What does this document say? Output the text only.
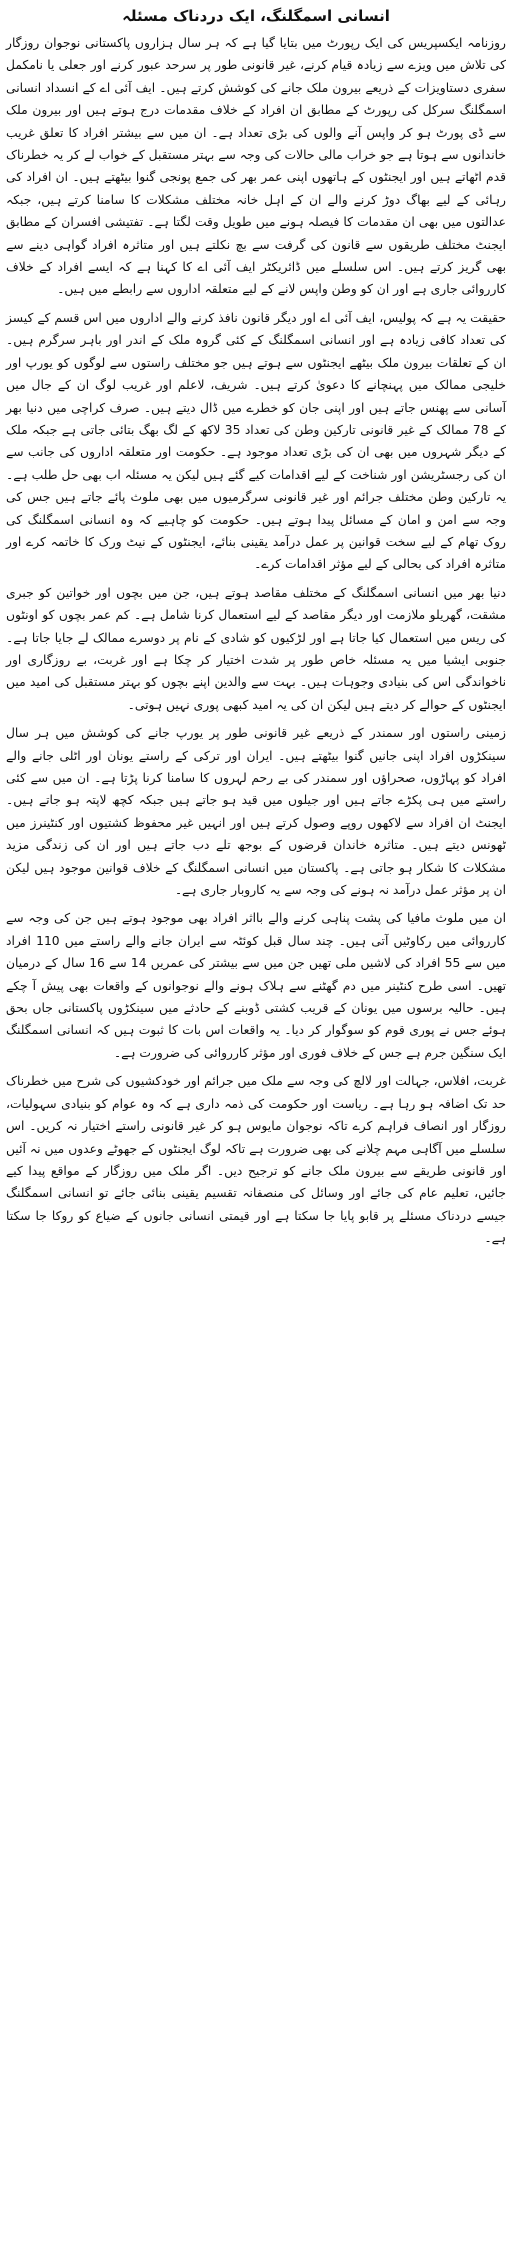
انسانی اسمگلنگ، ایک دردناک مسئلہ

روزنامہ ایکسپریس کی ایک رپورٹ میں بتایا گیا ہے کہ ہر سال ہزاروں پاکستانی نوجوان روزگار کی تلاش میں ویزے سے زیادہ قیام کرنے، غیر قانونی طور پر سرحد عبور کرنے اور جعلی یا نامکمل سفری دستاویزات کے ذریعے بیرون ملک جانے کی کوشش کرتے ہیں۔ ایف آئی اے کے انسداد انسانی اسمگلنگ سرکل کی رپورٹ کے مطابق ان افراد کے خلاف مقدمات درج ہوتے ہیں اور بیرون ملک سے ڈی پورٹ ہو کر واپس آنے والوں کی بڑی تعداد ہے۔ ان میں سے بیشتر افراد کا تعلق غریب خاندانوں سے ہوتا ہے جو خراب مالی حالات کی وجہ سے بہتر مستقبل کے خواب لے کر یہ خطرناک قدم اٹھاتے ہیں اور ایجنٹوں کے ہاتھوں اپنی عمر بھر کی جمع پونجی گنوا بیٹھتے ہیں۔ ان افراد کی رہائی کے لیے بھاگ دوڑ کرنے والے ان کے اہل خانہ مختلف مشکلات کا سامنا کرتے ہیں، جبکہ عدالتوں میں بھی ان مقدمات کا فیصلہ ہونے میں طویل وقت لگتا ہے۔ تفتیشی افسران کے مطابق ایجنٹ مختلف طریقوں سے قانون کی گرفت سے بچ نکلتے ہیں اور متاثرہ افراد گواہی دینے سے بھی گریز کرتے ہیں۔ اس سلسلے میں ڈائریکٹر ایف آئی اے کا کہنا ہے کہ ایسے افراد کے خلاف کارروائی جاری ہے اور ان کو وطن واپس لانے کے لیے متعلقہ اداروں سے رابطے میں ہیں۔

حقیقت یہ ہے کہ پولیس، ایف آئی اے اور دیگر قانون نافذ کرنے والے اداروں میں اس قسم کے کیسز کی تعداد کافی زیادہ ہے اور انسانی اسمگلنگ کے کئی گروہ ملک کے اندر اور باہر سرگرم ہیں۔ ان کے تعلقات بیرون ملک بیٹھے ایجنٹوں سے ہوتے ہیں جو مختلف راستوں سے لوگوں کو یورپ اور خلیجی ممالک میں پہنچانے کا دعویٰ کرتے ہیں۔ شریف، لاعلم اور غریب لوگ ان کے جال میں آسانی سے پھنس جاتے ہیں اور اپنی جان کو خطرے میں ڈال دیتے ہیں۔ صرف کراچی میں دنیا بھر کے 78 ممالک کے غیر قانونی تارکین وطن کی تعداد 35 لاکھ کے لگ بھگ بتائی جاتی ہے جبکہ ملک کے دیگر شہروں میں بھی ان کی بڑی تعداد موجود ہے۔ حکومت اور متعلقہ اداروں کی جانب سے ان کی رجسٹریشن اور شناخت کے لیے اقدامات کیے گئے ہیں لیکن یہ مسئلہ اب بھی حل طلب ہے۔ یہ تارکین وطن مختلف جرائم اور غیر قانونی سرگرمیوں میں بھی ملوث پائے جاتے ہیں جس کی وجہ سے امن و امان کے مسائل پیدا ہوتے ہیں۔ حکومت کو چاہیے کہ وہ انسانی اسمگلنگ کی روک تھام کے لیے سخت قوانین پر عمل درآمد یقینی بنائے، ایجنٹوں کے نیٹ ورک کا خاتمہ کرے اور متاثرہ افراد کی بحالی کے لیے مؤثر اقدامات کرے۔

دنیا بھر میں انسانی اسمگلنگ کے مختلف مقاصد ہوتے ہیں، جن میں بچوں اور خواتین کو جبری مشقت، گھریلو ملازمت اور دیگر مقاصد کے لیے استعمال کرنا شامل ہے۔ کم عمر بچوں کو اونٹوں کی ریس میں استعمال کیا جاتا ہے اور لڑکیوں کو شادی کے نام پر دوسرے ممالک لے جایا جاتا ہے۔ جنوبی ایشیا میں یہ مسئلہ خاص طور پر شدت اختیار کر چکا ہے اور غربت، بے روزگاری اور ناخواندگی اس کی بنیادی وجوہات ہیں۔ بہت سے والدین اپنے بچوں کو بہتر مستقبل کی امید میں ایجنٹوں کے حوالے کر دیتے ہیں لیکن ان کی یہ امید کبھی پوری نہیں ہوتی۔

زمینی راستوں اور سمندر کے ذریعے غیر قانونی طور پر یورپ جانے کی کوشش میں ہر سال سینکڑوں افراد اپنی جانیں گنوا بیٹھتے ہیں۔ ایران اور ترکی کے راستے یونان اور اٹلی جانے والے افراد کو پہاڑوں، صحراؤں اور سمندر کی بے رحم لہروں کا سامنا کرنا پڑتا ہے۔ ان میں سے کئی راستے میں ہی پکڑے جاتے ہیں اور جیلوں میں قید ہو جاتے ہیں جبکہ کچھ لاپتہ ہو جاتے ہیں۔ ایجنٹ ان افراد سے لاکھوں روپے وصول کرتے ہیں اور انہیں غیر محفوظ کشتیوں اور کنٹینرز میں ٹھونس دیتے ہیں۔ متاثرہ خاندان قرضوں کے بوجھ تلے دب جاتے ہیں اور ان کی زندگی مزید مشکلات کا شکار ہو جاتی ہے۔ پاکستان میں انسانی اسمگلنگ کے خلاف قوانین موجود ہیں لیکن ان پر مؤثر عمل درآمد نہ ہونے کی وجہ سے یہ کاروبار جاری ہے۔

ان میں ملوث مافیا کی پشت پناہی کرنے والے بااثر افراد بھی موجود ہوتے ہیں جن کی وجہ سے کارروائی میں رکاوٹیں آتی ہیں۔ چند سال قبل کوئٹہ سے ایران جانے والے راستے میں 110 افراد میں سے 55 افراد کی لاشیں ملی تھیں جن میں سے بیشتر کی عمریں 14 سے 16 سال کے درمیان تھیں۔ اسی طرح کنٹینر میں دم گھٹنے سے ہلاک ہونے والے نوجوانوں کے واقعات بھی پیش آ چکے ہیں۔ حالیہ برسوں میں یونان کے قریب کشتی ڈوبنے کے حادثے میں سینکڑوں پاکستانی جاں بحق ہوئے جس نے پوری قوم کو سوگوار کر دیا۔ یہ واقعات اس بات کا ثبوت ہیں کہ انسانی اسمگلنگ ایک سنگین جرم ہے جس کے خلاف فوری اور مؤثر کارروائی کی ضرورت ہے۔

غربت، افلاس، جہالت اور لالچ کی وجہ سے ملک میں جرائم اور خودکشیوں کی شرح میں خطرناک حد تک اضافہ ہو رہا ہے۔ ریاست اور حکومت کی ذمہ داری ہے کہ وہ عوام کو بنیادی سہولیات، روزگار اور انصاف فراہم کرے تاکہ نوجوان مایوس ہو کر غیر قانونی راستے اختیار نہ کریں۔ اس سلسلے میں آگاہی مہم چلانے کی بھی ضرورت ہے تاکہ لوگ ایجنٹوں کے جھوٹے وعدوں میں نہ آئیں اور قانونی طریقے سے بیرون ملک جانے کو ترجیح دیں۔ اگر ملک میں روزگار کے مواقع پیدا کیے جائیں، تعلیم عام کی جائے اور وسائل کی منصفانہ تقسیم یقینی بنائی جائے تو انسانی اسمگلنگ جیسے دردناک مسئلے پر قابو پایا جا سکتا ہے اور قیمتی انسانی جانوں کے ضیاع کو روکا جا سکتا ہے۔
